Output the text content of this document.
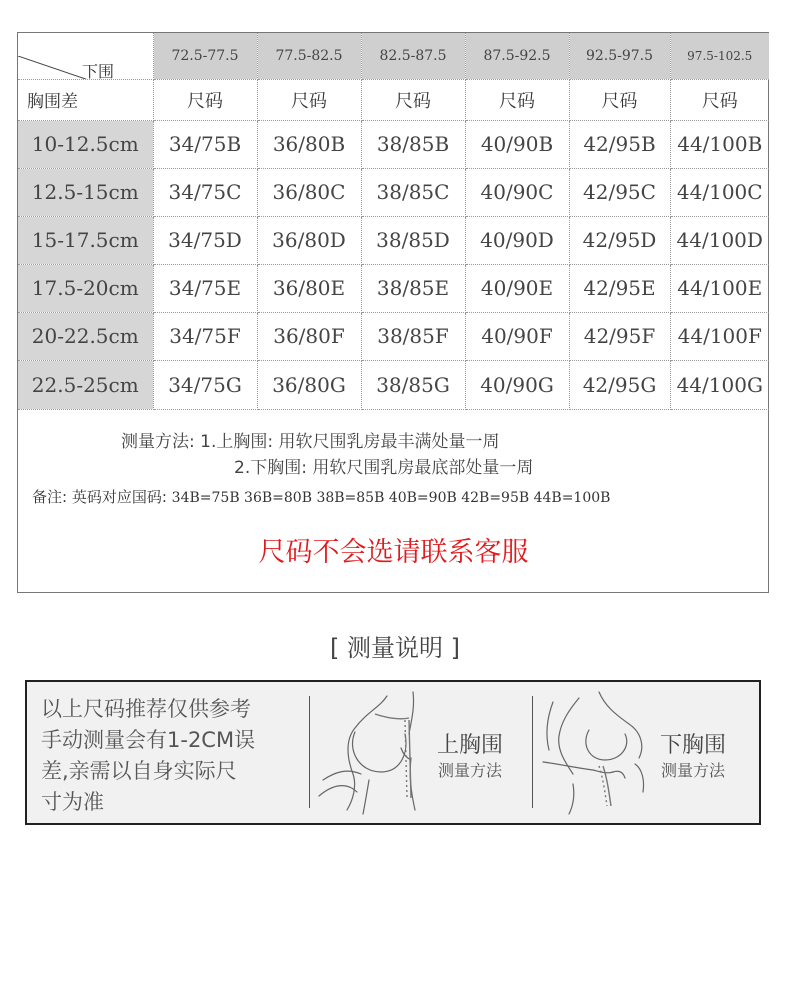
下围	72.5-77.5	77.5-82.5	82.5-87.5	87.5-92.5	92.5-97.5	97.5-102.5
胸围差	尺码	尺码	尺码	尺码	尺码	尺码
10-12.5cm	34/75B	36/80B	38/85B	40/90B	42/95B	44/100B
12.5-15cm	34/75C	36/80C	38/85C	40/90C	42/95C	44/100C
15-17.5cm	34/75D	36/80D	38/85D	40/90D	42/95D	44/100D
17.5-20cm	34/75E	36/80E	38/85E	40/90E	42/95E	44/100E
20-22.5cm	34/75F	36/80F	38/85F	40/90F	42/95F	44/100F
22.5-25cm	34/75G	36/80G	38/85G	40/90G	42/95G	44/100G
测量方法: 1.上胸围: 用软尺围乳房最丰满处量一周
2.下胸围: 用软尺围乳房最底部处量一周
备注: 英码对应国码: 34B=75B 36B=80B 38B=85B 40B=90B 42B=95B 44B=100B
尺码不会选请联系客服
[ 测量说明 ]
以上尺码推荐仅供参考
手动测量会有1-2CM误
差,亲需以自身实际尺
寸为准
上胸围
测量方法
下胸围
测量方法
